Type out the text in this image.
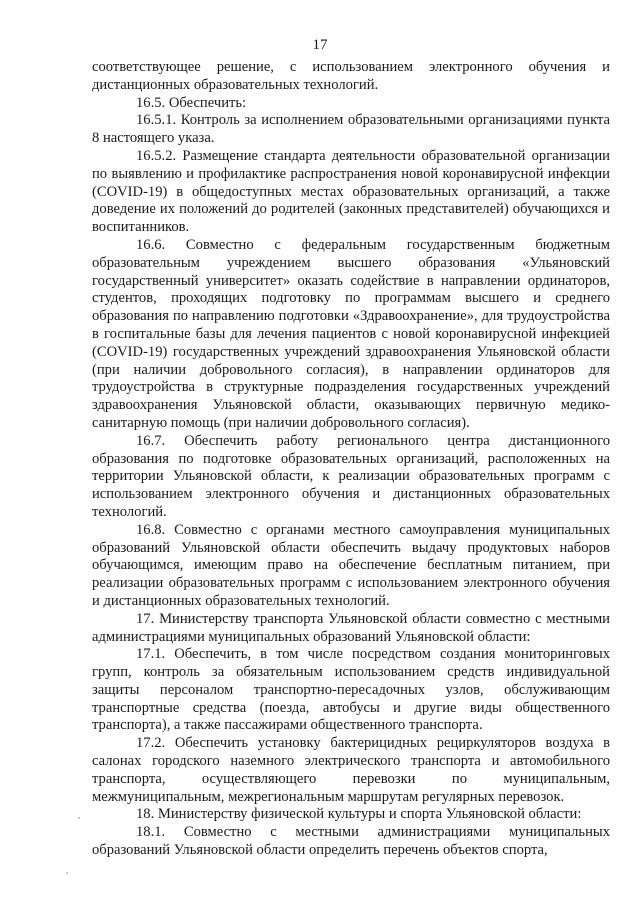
17

соответствующее решение, с использованием электронного обучения и дистанционных образовательных технологий.

16.5. Обеспечить:

16.5.1. Контроль за исполнением образовательными организациями пункта 8 настоящего указа.

16.5.2. Размещение стандарта деятельности образовательной организации по выявлению и профилактике распространения новой коронавирусной инфекции (COVID-19) в общедоступных местах образовательных организаций, а также доведение их положений до родителей (законных представителей) обучающихся и воспитанников.

16.6. Совместно с федеральным государственным бюджетным образовательным учреждением высшего образования «Ульяновский государственный университет» оказать содействие в направлении ординаторов, студентов, проходящих подготовку по программам высшего и среднего образования по направлению подготовки «Здравоохранение», для трудоустройства в госпитальные базы для лечения пациентов с новой коронавирусной инфекцией (COVID-19) государственных учреждений здравоохранения Ульяновской области (при наличии добровольного согласия), в направлении ординаторов для трудоустройства в структурные подразделения государственных учреждений здравоохранения Ульяновской области, оказывающих первичную медико-санитарную помощь (при наличии добровольного согласия).

16.7. Обеспечить работу регионального центра дистанционного образования по подготовке образовательных организаций, расположенных на территории Ульяновской области, к реализации образовательных программ с использованием электронного обучения и дистанционных образовательных технологий.

16.8. Совместно с органами местного самоуправления муниципальных образований Ульяновской области обеспечить выдачу продуктовых наборов обучающимся, имеющим право на обеспечение бесплатным питанием, при реализации образовательных программ с использованием электронного обучения и дистанционных образовательных технологий.

17. Министерству транспорта Ульяновской области совместно с местными администрациями муниципальных образований Ульяновской области:

17.1. Обеспечить, в том числе посредством создания мониторинговых групп, контроль за обязательным использованием средств индивидуальной защиты персоналом транспортно-пересадочных узлов, обслуживающим транспортные средства (поезда, автобусы и другие виды общественного транспорта), а также пассажирами общественного транспорта.

17.2. Обеспечить установку бактерицидных рециркуляторов воздуха в салонах городского наземного электрического транспорта и автомобильного транспорта, осуществляющего перевозки по муниципальным, межмуниципальным, межрегиональным маршрутам регулярных перевозок.

18. Министерству физической культуры и спорта Ульяновской области:

18.1. Совместно с местными администрациями муниципальных образований Ульяновской области определить перечень объектов спорта,
